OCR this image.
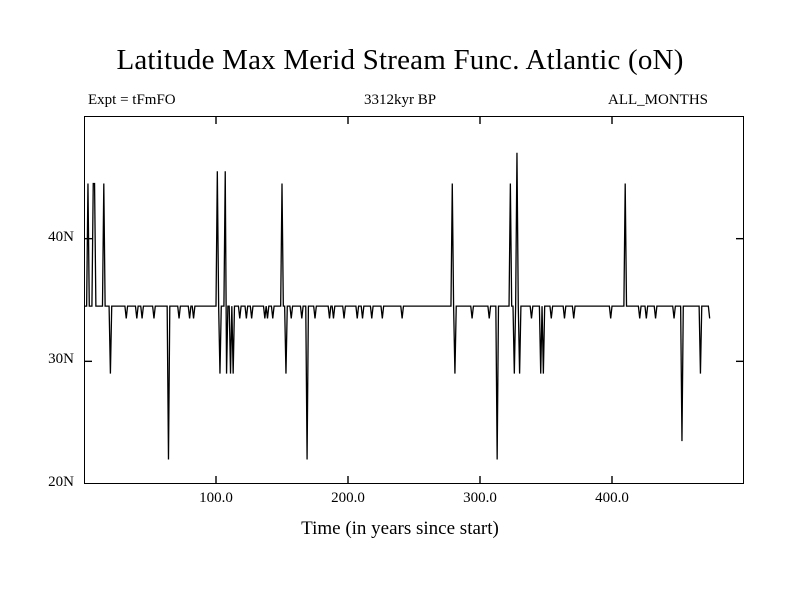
Latitude Max Merid Stream Func. Atlantic (oN)
Expt = tFmFO	3312kyr BP	ALL_MONTHS
20N
30N
40N
100.0	200.0	300.0	400.0
Time (in years since start)
